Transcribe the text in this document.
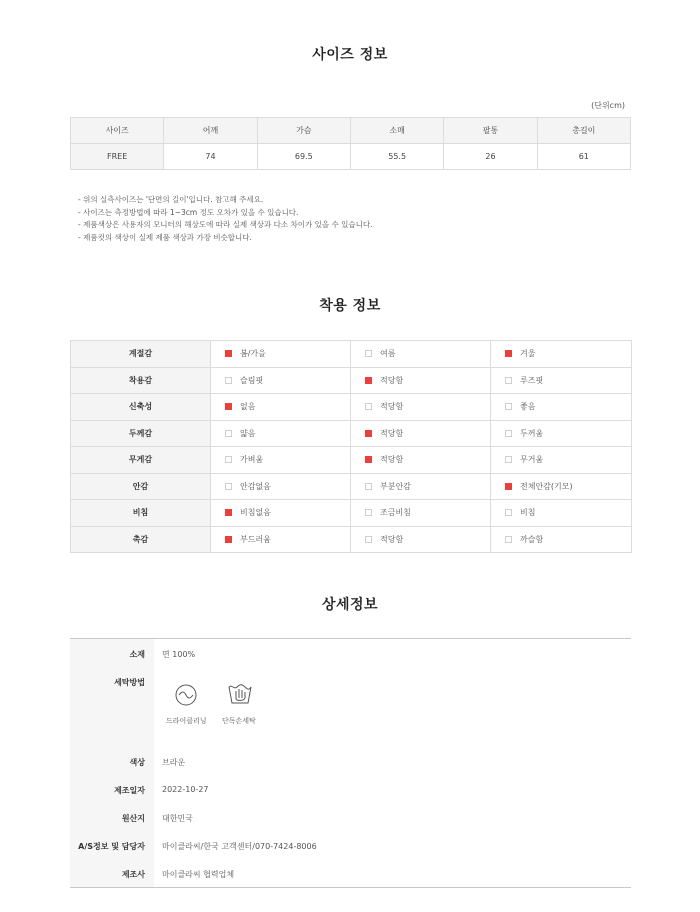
사이즈 정보
(단위cm)
사이즈	어깨	가슴	소매	팔통	총길이
FREE	74	69.5	55.5	26	61
- 위의 실측사이즈는 '단면의 길이'입니다. 참고해 주세요.
- 사이즈는 측정방법에 따라 1~3cm 정도 오차가 있을 수 있습니다.
- 제품색상은 사용자의 모니터의 해상도에 따라 실제 색상과 다소 차이가 있을 수 있습니다.
- 제품컷의 색상이 실제 제품 색상과 가장 비슷합니다.
착용 정보
계절감	봄/가을	여름	겨울
착용감	슬림핏	적당함	루즈핏
신축성	없음	적당함	좋음
두께감	얇음	적당함	두꺼움
무게감	가벼움	적당함	무거움
안감	안감없음	부분안감	전체안감(기모)
비침	비침없음	조금비침	비침
촉감	부드러움	적당함	까슬함
상세정보
소재 면 100%
세탁방법
드라이클리닝 단독손세탁
색상 브라운
제조일자 2022-10-27
원산지 대한민국
A/S정보 및 담당자 마이클라씨/한국 고객센터/070-7424-8006
제조사 마이클라씨 협력업체
